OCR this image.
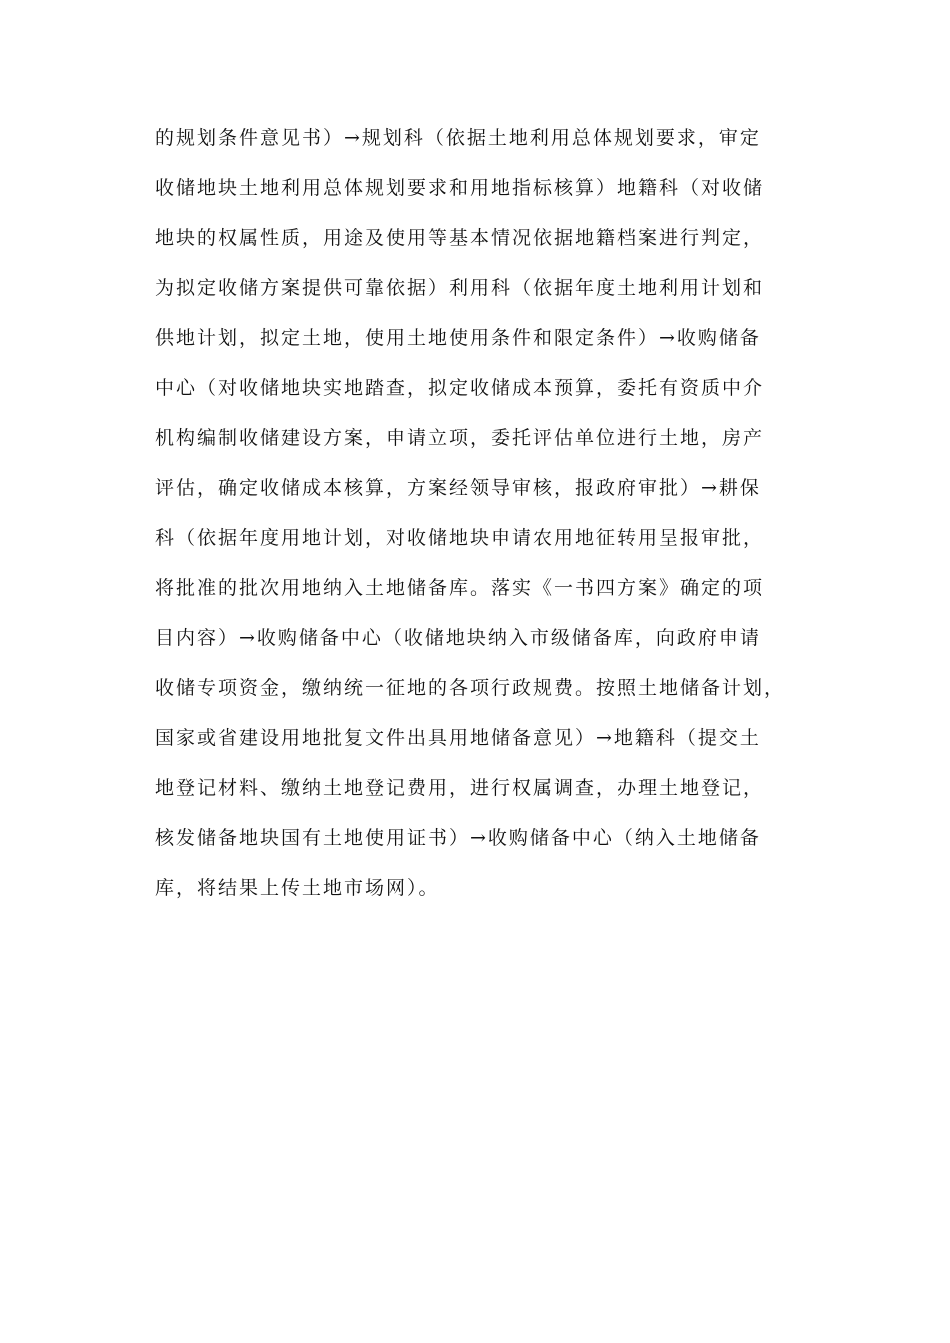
的规划条件意见书）→规划科（依据土地利用总体规划要求，审定
收储地块土地利用总体规划要求和用地指标核算）地籍科（对收储
地块的权属性质，用途及使用等基本情况依据地籍档案进行判定，
为拟定收储方案提供可靠依据）利用科（依据年度土地利用计划和
供地计划，拟定土地，使用土地使用条件和限定条件）→收购储备
中心（对收储地块实地踏查，拟定收储成本预算，委托有资质中介
机构编制收储建设方案，申请立项，委托评估单位进行土地，房产
评估，确定收储成本核算，方案经领导审核，报政府审批）→耕保
科（依据年度用地计划，对收储地块申请农用地征转用呈报审批，
将批准的批次用地纳入土地储备库。落实《一书四方案》确定的项
目内容）→收购储备中心（收储地块纳入市级储备库，向政府申请
收储专项资金，缴纳统一征地的各项行政规费。按照土地储备计划，
国家或省建设用地批复文件出具用地储备意见）→地籍科（提交土
地登记材料、缴纳土地登记费用，进行权属调查，办理土地登记，
核发储备地块国有土地使用证书）→收购储备中心（纳入土地储备
库，将结果上传土地市场网）。
